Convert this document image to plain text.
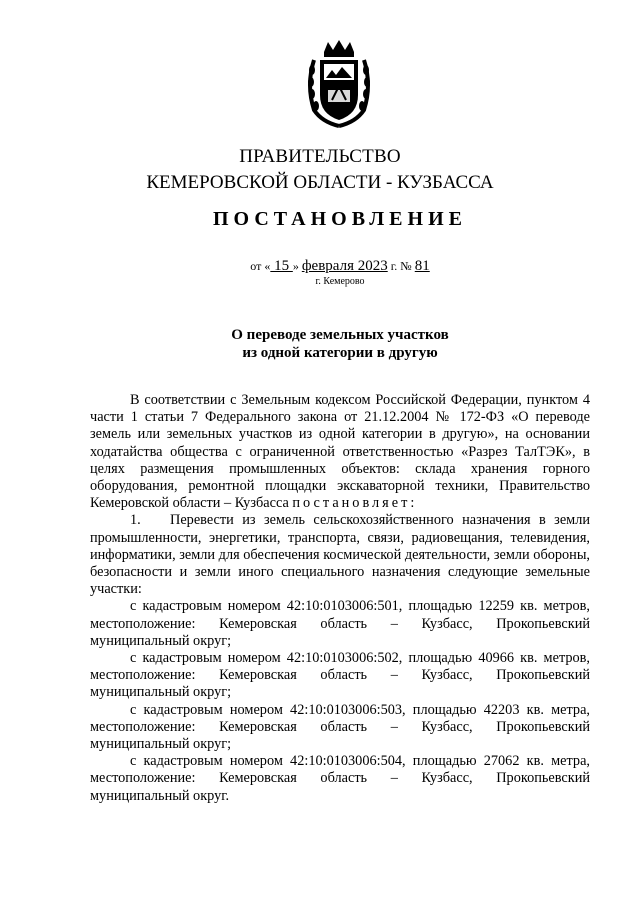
ПРАВИТЕЛЬСТВО
КЕМЕРОВСКОЙ ОБЛАСТИ - КУЗБАССА
ПОСТАНОВЛЕНИЕ
от « 15 » февраля 2023 г. № 81
г. Кемерово
О переводе земельных участков
из одной категории в другую

В соответствии с Земельным кодексом Российской Федерации, пунктом 4 части 1 статьи 7 Федерального закона от 21.12.2004 № 172-ФЗ «О переводе земель или земельных участков из одной категории в другую», на основании ходатайства общества с ограниченной ответственностью «Разрез ТалТЭК», в целях размещения промышленных объектов: склада хранения горного оборудования, ремонтной площадки экскаваторной техники, Правительство Кемеровской области – Кузбасса постановляет:

1. Перевести из земель сельскохозяйственного назначения в земли промышленности, энергетики, транспорта, связи, радиовещания, телевидения, информатики, земли для обеспечения космической деятельности, земли обороны, безопасности и земли иного специального назначения следующие земельные участки:

с кадастровым номером 42:10:0103006:501, площадью 12259 кв. метров, местоположение: Кемеровская область – Кузбасс, Прокопьевский муниципальный округ;

с кадастровым номером 42:10:0103006:502, площадью 40966 кв. метров, местоположение: Кемеровская область – Кузбасс, Прокопьевский муниципальный округ;

с кадастровым номером 42:10:0103006:503, площадью 42203 кв. метра, местоположение: Кемеровская область – Кузбасс, Прокопьевский муниципальный округ;

с кадастровым номером 42:10:0103006:504, площадью 27062 кв. метра, местоположение: Кемеровская область – Кузбасс, Прокопьевский муниципальный округ.
